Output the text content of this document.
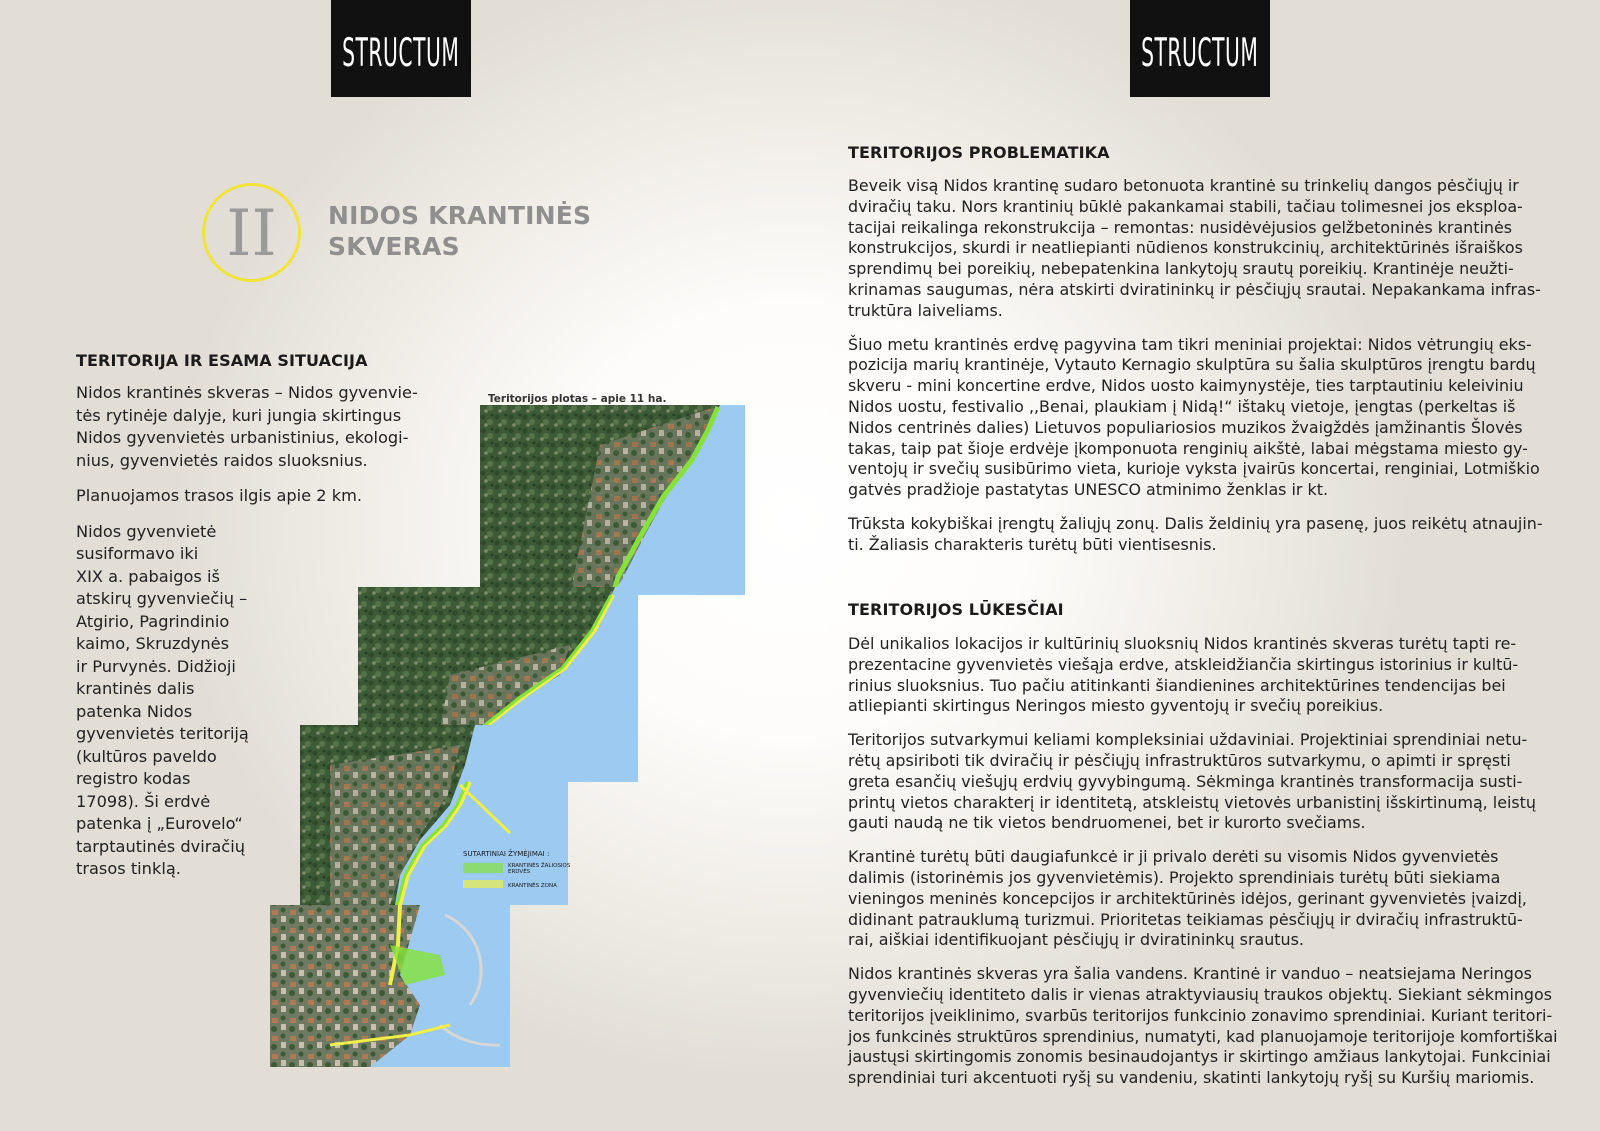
STRUCTUM	STRUCTUM
II NIDOS KRANTINĖS
SKVERAS
TERITORIJA IR ESAMA SITUACIJA

Nidos krantinės skveras – Nidos gyvenvie-
tės rytinėje dalyje, kuri jungia skirtingus
Nidos gyvenvietės urbanistinius, ekologi-
nius, gyvenvietės raidos sluoksnius.

Planuojamos trasos ilgis apie 2 km.

Nidos gyvenvietė
susiformavo iki
XIX a. pabaigos iš
atskirų gyvenviečių –
Atgirio, Pagrindinio
kaimo, Skruzdynės
ir Purvynės. Didžioji
krantinės dalis
patenka Nidos
gyvenvietės teritoriją
(kultūros paveldo
registro kodas
17098). Ši erdvė
patenka į „Eurovelo“
tarptautinės dviračių
trasos tinklą.

Teritorijos plotas – apie 11 ha.
SUTARTINIAI ŽYMĖJIMAI :
KRANTINĖS ŽALIOSIOS
ERDVĖS
KRANTINĖS ZONA
TERITORIJOS PROBLEMATIKA

Beveik visą Nidos krantinę sudaro betonuota krantinė su trinkelių dangos pėsčiųjų ir
dviračių taku. Nors krantinių būklė pakankamai stabili, tačiau tolimesnei jos eksploa-
tacijai reikalinga rekonstrukcija – remontas: nusidėvėjusios gelžbetoninės krantinės
konstrukcijos, skurdi ir neatliepianti nūdienos konstrukcinių, architektūrinės išraiškos
sprendimų bei poreikių, nebepatenkina lankytojų srautų poreikių. Krantinėje neužti-
krinamas saugumas, nėra atskirti dviratininkų ir pėsčiųjų srautai. Nepakankama infras-
truktūra laiveliams.

Šiuo metu krantinės erdvę pagyvina tam tikri meniniai projektai: Nidos vėtrungių eks-
pozicija marių krantinėje, Vytauto Kernagio skulptūra su šalia skulptūros įrengtu bardų
skveru - mini koncertine erdve, Nidos uosto kaimynystėje, ties tarptautiniu keleiviniu
Nidos uostu, festivalio ,,Benai, plaukiam į Nidą!“ ištakų vietoje, įengtas (perkeltas iš
Nidos centrinės dalies) Lietuvos populiariosios muzikos žvaigždės įamžinantis Šlovės
takas, taip pat šioje erdvėje įkomponuota renginių aikštė, labai mėgstama miesto gy-
ventojų ir svečių susibūrimo vieta, kurioje vyksta įvairūs koncertai, renginiai, Lotmiškio
gatvės pradžioje pastatytas UNESCO atminimo ženklas ir kt.

Trūksta kokybiškai įrengtų žaliųjų zonų. Dalis želdinių yra pasenę, juos reikėtų atnaujin-
ti. Žaliasis charakteris turėtų būti vientisesnis.

TERITORIJOS LŪKESČIAI

Dėl unikalios lokacijos ir kultūrinių sluoksnių Nidos krantinės skveras turėtų tapti re-
prezentacine gyvenvietės viešąja erdve, atskleidžiančia skirtingus istorinius ir kultū-
rinius sluoksnius. Tuo pačiu atitinkanti šiandienines architektūrines tendencijas bei
atliepianti skirtingus Neringos miesto gyventojų ir svečių poreikius.

Teritorijos sutvarkymui keliami kompleksiniai uždaviniai. Projektiniai sprendiniai netu-
rėtų apsiriboti tik dviračių ir pėsčiųjų infrastruktūros sutvarkymu, o apimti ir spręsti
greta esančių viešųjų erdvių gyvybingumą. Sėkminga krantinės transformacija susti-
printų vietos charakterį ir identitetą, atskleistų vietovės urbanistinį išskirtinumą, leistų
gauti naudą ne tik vietos bendruomenei, bet ir kurorto svečiams.

Krantinė turėtų būti daugiafunkcė ir ji privalo derėti su visomis Nidos gyvenvietės
dalimis (istorinėmis jos gyvenvietėmis). Projekto sprendiniais turėtų būti siekiama
vieningos meninės koncepcijos ir architektūrinės idėjos, gerinant gyvenvietės įvaizdį,
didinant patrauklumą turizmui. Prioritetas teikiamas pėsčiųjų ir dviračių infrastruktū-
rai, aiškiai identifikuojant pėsčiųjų ir dviratininkų srautus.

Nidos krantinės skveras yra šalia vandens. Krantinė ir vanduo – neatsiejama Neringos
gyvenviečių identiteto dalis ir vienas atraktyviausių traukos objektų. Siekiant sėkmingos
teritorijos įveiklinimo, svarbūs teritorijos funkcinio zonavimo sprendiniai. Kuriant teritori-
jos funkcinės struktūros sprendinius, numatyti, kad planuojamoje teritorijoje komfortiškai
jaustųsi skirtingomis zonomis besinaudojantys ir skirtingo amžiaus lankytojai. Funkciniai
sprendiniai turi akcentuoti ryšį su vandeniu, skatinti lankytojų ryšį su Kuršių mariomis.
